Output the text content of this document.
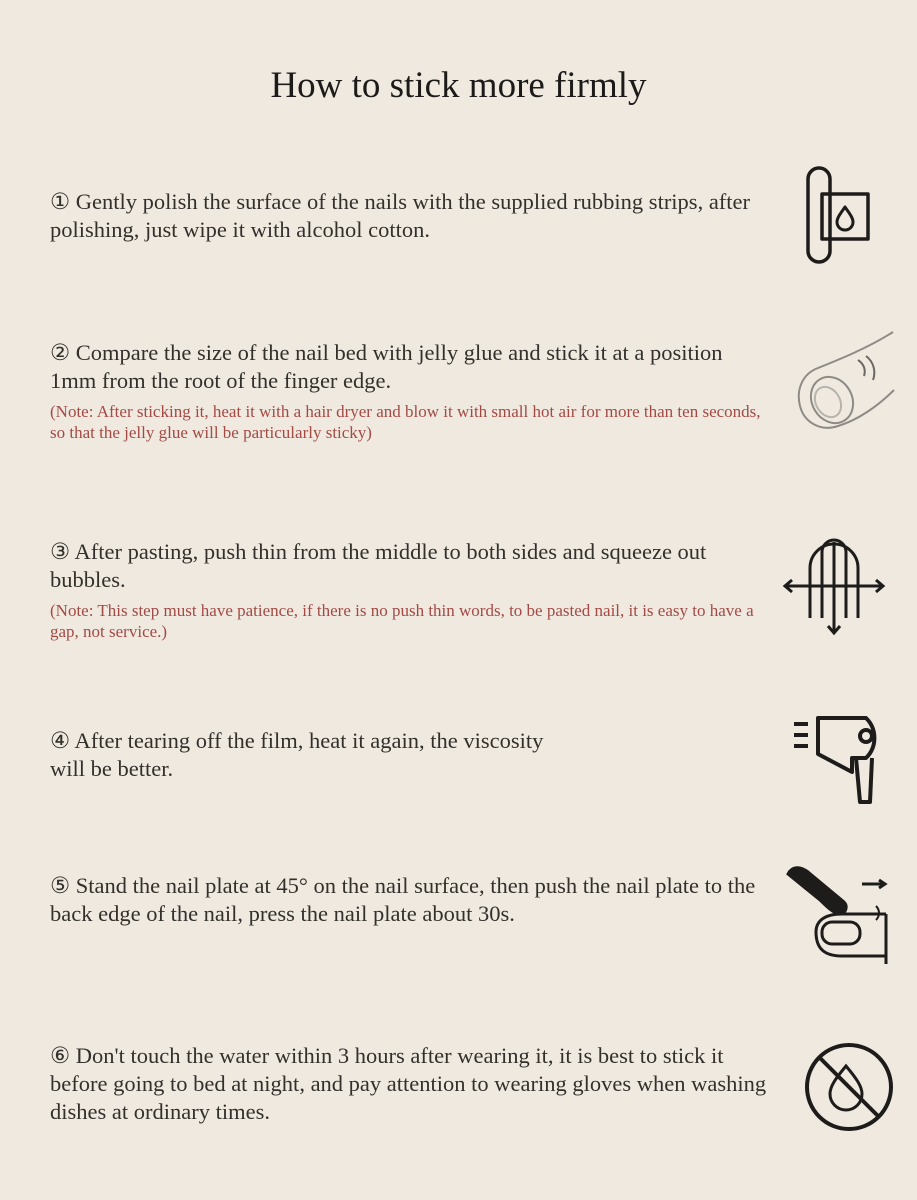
How to stick more firmly
① Gently polish the surface of the nails with the supplied rubbing strips, after polishing, just wipe it with alcohol cotton.
② Compare the size of the nail bed with jelly glue and stick it at a position 1mm from the root of the finger edge.
(Note: After sticking it, heat it with a hair dryer and blow it with small hot air for more than ten seconds, so that the jelly glue will be particularly sticky)
③ After pasting, push thin from the middle to both sides and squeeze out bubbles.
(Note: This step must have patience, if there is no push thin words, to be pasted nail, it is easy to have a gap, not service.)
④ After tearing off the film, heat it again, the viscosity will be better.
⑤ Stand the nail plate at 45° on the nail surface, then push the nail plate to the back edge of the nail, press the nail plate about 30s.
⑥ Don't touch the water within 3 hours after wearing it, it is best to stick it before going to bed at night, and pay attention to wearing gloves when washing dishes at ordinary times.
